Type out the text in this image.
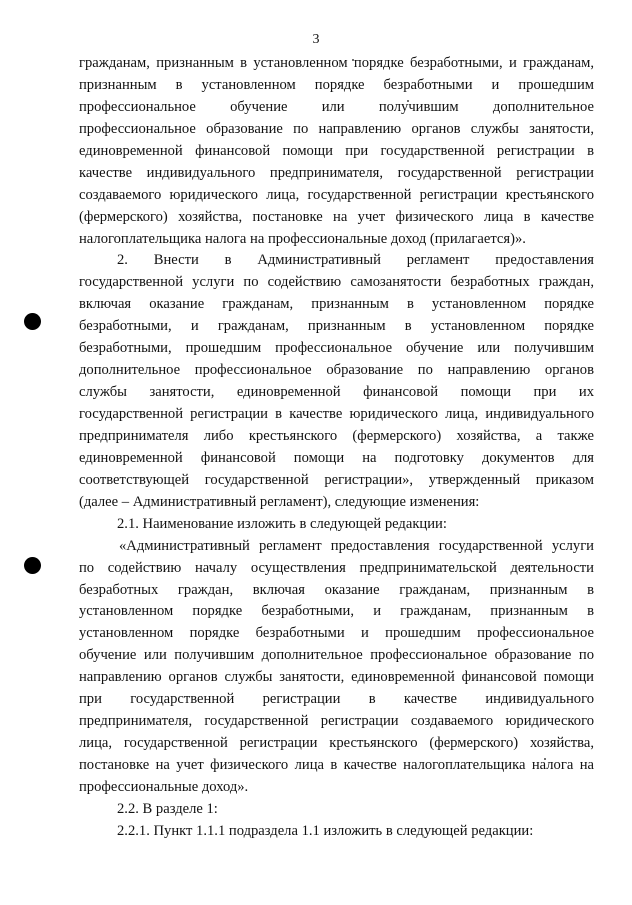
3
гражданам, признанным в установленном порядке безработными, и гражданам,
признанным в установленном порядке безработными и прошедшим
профессиональное обучение или получившим дополнительное
профессиональное образование по направлению органов службы занятости,
единовременной финансовой помощи при государственной регистрации в
качестве индивидуального предпринимателя, государственной регистрации
создаваемого юридического лица, государственной регистрации крестьянского
(фермерского) хозяйства, постановке на учет физического лица в качестве
налогоплательщика налога на профессиональные доход (прилагается)».
2. Внести в Административный регламент предоставления
государственной услуги по содействию самозанятости безработных граждан,
включая оказание гражданам, признанным в установленном порядке
безработными, и гражданам, признанным в установленном порядке
безработными, прошедшим профессиональное обучение или получившим
дополнительное профессиональное образование по направлению органов
службы занятости, единовременной финансовой помощи при их
государственной регистрации в качестве юридического лица, индивидуального
предпринимателя либо крестьянского (фермерского) хозяйства, а также
единовременной финансовой помощи на подготовку документов для
соответствующей государственной регистрации», утвержденный приказом
(далее – Административный регламент), следующие изменения:
2.1. Наименование изложить в следующей редакции:
«Административный регламент предоставления государственной услуги
по содействию началу осуществления предпринимательской деятельности
безработных граждан, включая оказание гражданам, признанным в
установленном порядке безработными, и гражданам, признанным в
установленном порядке безработными и прошедшим профессиональное
обучение или получившим дополнительное профессиональное образование по
направлению органов службы занятости, единовременной финансовой помощи
при государственной регистрации в качестве индивидуального
предпринимателя, государственной регистрации создаваемого юридического
лица, государственной регистрации крестьянского (фермерского) хозяйства,
постановке на учет физического лица в качестве налогоплательщика налога на
профессиональные доход».
2.2. В разделе 1:
2.2.1. Пункт 1.1.1 подраздела 1.1 изложить в следующей редакции:
